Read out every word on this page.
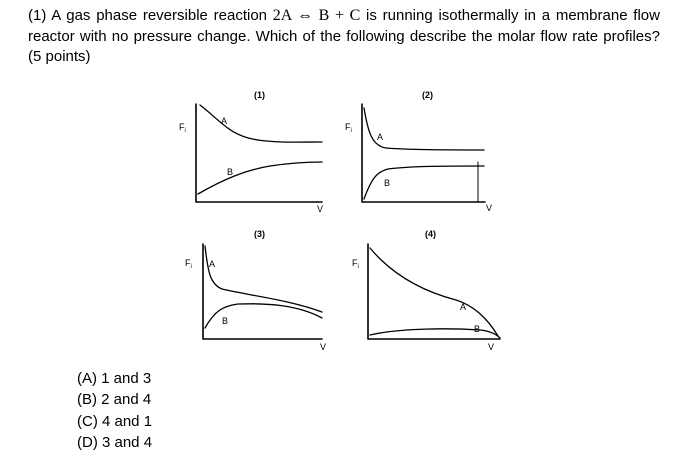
(1) A gas phase reversible reaction 2A ⇔ B + C is running isothermally in a membrane flow reactor with no pressure change. Which of the following describe the molar flow rate profiles? (5 points)
(1)
$F_i$
A
B
V
(2)
$F_i$
A
B
V
(3)
$F_i$ A
B
V
(4)
$F_i$
A
B
V
(A) 1 and 3
(B) 2 and 4
(C) 4 and 1
(D) 3 and 4
